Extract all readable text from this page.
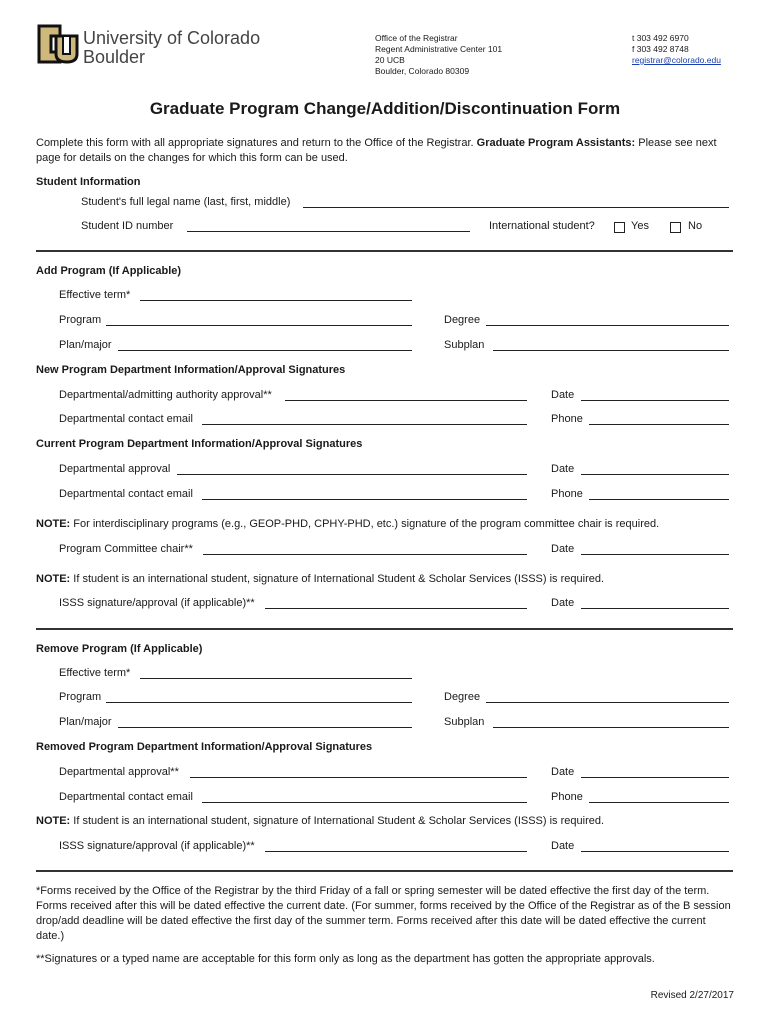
University of Colorado
Boulder
Office of the Registrar
Regent Administrative Center 101
20 UCB
Boulder, Colorado 80309
t 303 492 6970
f 303 492 8748
registrar@colorado.edu
Graduate Program Change/Addition/Discontinuation Form
Complete this form with all appropriate signatures and return to the Office of the Registrar. Graduate Program Assistants: Please see next page for details on the changes for which this form can be used.
Student Information
Student's full legal name (last, first, middle)
Student ID number	International student?	Yes	No
Add Program (If Applicable)
Effective term*
Program	Degree
Plan/major	Subplan
New Program Department Information/Approval Signatures
Departmental/admitting authority approval**	Date
Departmental contact email	Phone
Current Program Department Information/Approval Signatures
Departmental approval	Date
Departmental contact email	Phone
NOTE: For interdisciplinary programs (e.g., GEOP-PHD, CPHY-PHD, etc.) signature of the program committee chair is required.
Program Committee chair**	Date
NOTE: If student is an international student, signature of International Student & Scholar Services (ISSS) is required.
ISSS signature/approval (if applicable)**	Date
Remove Program (If Applicable)
Effective term*
Program	Degree
Plan/major	Subplan
Removed Program Department Information/Approval Signatures
Departmental approval**	Date
Departmental contact email	Phone
NOTE: If student is an international student, signature of International Student & Scholar Services (ISSS) is required.
ISSS signature/approval (if applicable)**	Date
*Forms received by the Office of the Registrar by the third Friday of a fall or spring semester will be dated effective the first day of the term. Forms received after this will be dated effective the current date. (For summer, forms received by the Office of the Registrar as of the B session drop/add deadline will be dated effective the first day of the summer term. Forms received after this date will be dated effective the current date.)
**Signatures or a typed name are acceptable for this form only as long as the department has gotten the appropriate approvals.
Revised 2/27/2017
